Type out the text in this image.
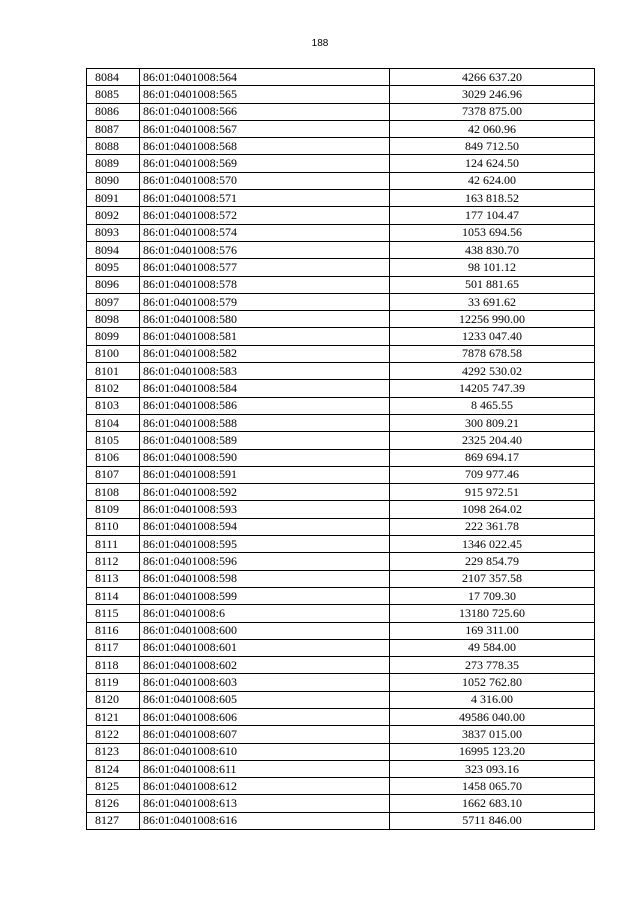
188
8084	86:01:0401008:564	4266 637.20
8085	86:01:0401008:565	3029 246.96
8086	86:01:0401008:566	7378 875.00
8087	86:01:0401008:567	42 060.96
8088	86:01:0401008:568	849 712.50
8089	86:01:0401008:569	124 624.50
8090	86:01:0401008:570	42 624.00
8091	86:01:0401008:571	163 818.52
8092	86:01:0401008:572	177 104.47
8093	86:01:0401008:574	1053 694.56
8094	86:01:0401008:576	438 830.70
8095	86:01:0401008:577	98 101.12
8096	86:01:0401008:578	501 881.65
8097	86:01:0401008:579	33 691.62
8098	86:01:0401008:580	12256 990.00
8099	86:01:0401008:581	1233 047.40
8100	86:01:0401008:582	7878 678.58
8101	86:01:0401008:583	4292 530.02
8102	86:01:0401008:584	14205 747.39
8103	86:01:0401008:586	8 465.55
8104	86:01:0401008:588	300 809.21
8105	86:01:0401008:589	2325 204.40
8106	86:01:0401008:590	869 694.17
8107	86:01:0401008:591	709 977.46
8108	86:01:0401008:592	915 972.51
8109	86:01:0401008:593	1098 264.02
8110	86:01:0401008:594	222 361.78
8111	86:01:0401008:595	1346 022.45
8112	86:01:0401008:596	229 854.79
8113	86:01:0401008:598	2107 357.58
8114	86:01:0401008:599	17 709.30
8115	86:01:0401008:6	13180 725.60
8116	86:01:0401008:600	169 311.00
8117	86:01:0401008:601	49 584.00
8118	86:01:0401008:602	273 778.35
8119	86:01:0401008:603	1052 762.80
8120	86:01:0401008:605	4 316.00
8121	86:01:0401008:606	49586 040.00
8122	86:01:0401008:607	3837 015.00
8123	86:01:0401008:610	16995 123.20
8124	86:01:0401008:611	323 093.16
8125	86:01:0401008:612	1458 065.70
8126	86:01:0401008:613	1662 683.10
8127	86:01:0401008:616	5711 846.00
